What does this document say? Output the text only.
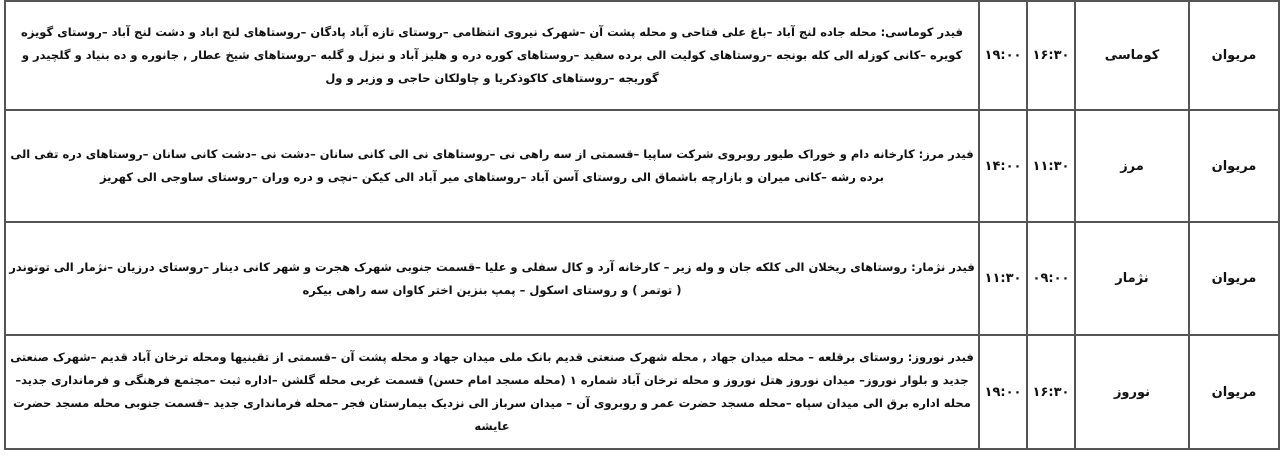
مریوان	کوماسی	۱۶:۳۰	۱۹:۰۰	فیدر کوماسی: محله جاده لنج آباد –باغ علی فتاحی و محله پشت آن –شهرک نیروی انتظامی –روستای تازه آباد پادگان –روستاهای لنج اباد و دشت لنج آباد –روستای گویزه کویره –کانی کوزله الی کله بونجه –روستاهای کولیت الی برده سفید –روستاهای کوره دره و هلیز آباد و نیزل و گلبه –روستاهای شیخ عطار , جانوره و ده بنیاد و گلچیدر و گوریجه –روستاهای کاکوذکریا و چاولکان حاجی و وزیر و ول
مریوان	مرز	۱۱:۳۰	۱۴:۰۰	فیدر مرز: کارخانه دام و خوراک طیور روبروی شرکت ساپیا –قسمتی از سه راهی نی –روستاهای نی الی کانی سانان –دشت نی –دشت کانی سانان –روستاهای دره تفی الی برده رشه –کانی میران و بازارچه باشماق الی روستای آسن آباد –روستاهای میر آباد الی کیکن –نچی و دره وران –روستای ساوجی الی کهریز
مریوان	نژمار	۰۹:۰۰	۱۱:۳۰	فیدر نژمار: روستاهای ریخلان الی کلکه جان و وله زیر – کارخانه آرد و کال سفلی و علیا –قسمت جنوبی شهرک هجرت و شهر کانی دینار –روستای درزیان –نژمار الی توتوندر ( توتمر ) و روستای اسکول – پمپ بنزین اختر کاوان سه راهی بیکره
مریوان	نوروز	۱۶:۳۰	۱۹:۰۰	فیدر نوروز: روستای برقلعه – محله میدان جهاد , محله شهرک صنعتی قدیم بانک ملی میدان جهاد و محله پشت آن –قسمتی از تقینیها ومحله ترخان آباد قدیم –شهرک صنعتی جدید و بلوار نوروز– میدان نوروز هتل نوروز و محله ترخان آباد شماره ۱ (محله مسجد امام حسن) قسمت غربی محله گلشن –اداره ثبت –مجتمع فرهنگی و فرمانداری جدید– محله اداره برق الی میدان سپاه –محله مسجد حضرت عمر و روبروی آن – میدان سرباز الی نزدیک بیمارستان فجر –محله فرمانداری جدید –قسمت جنوبی محله مسجد حضرت عایشه
